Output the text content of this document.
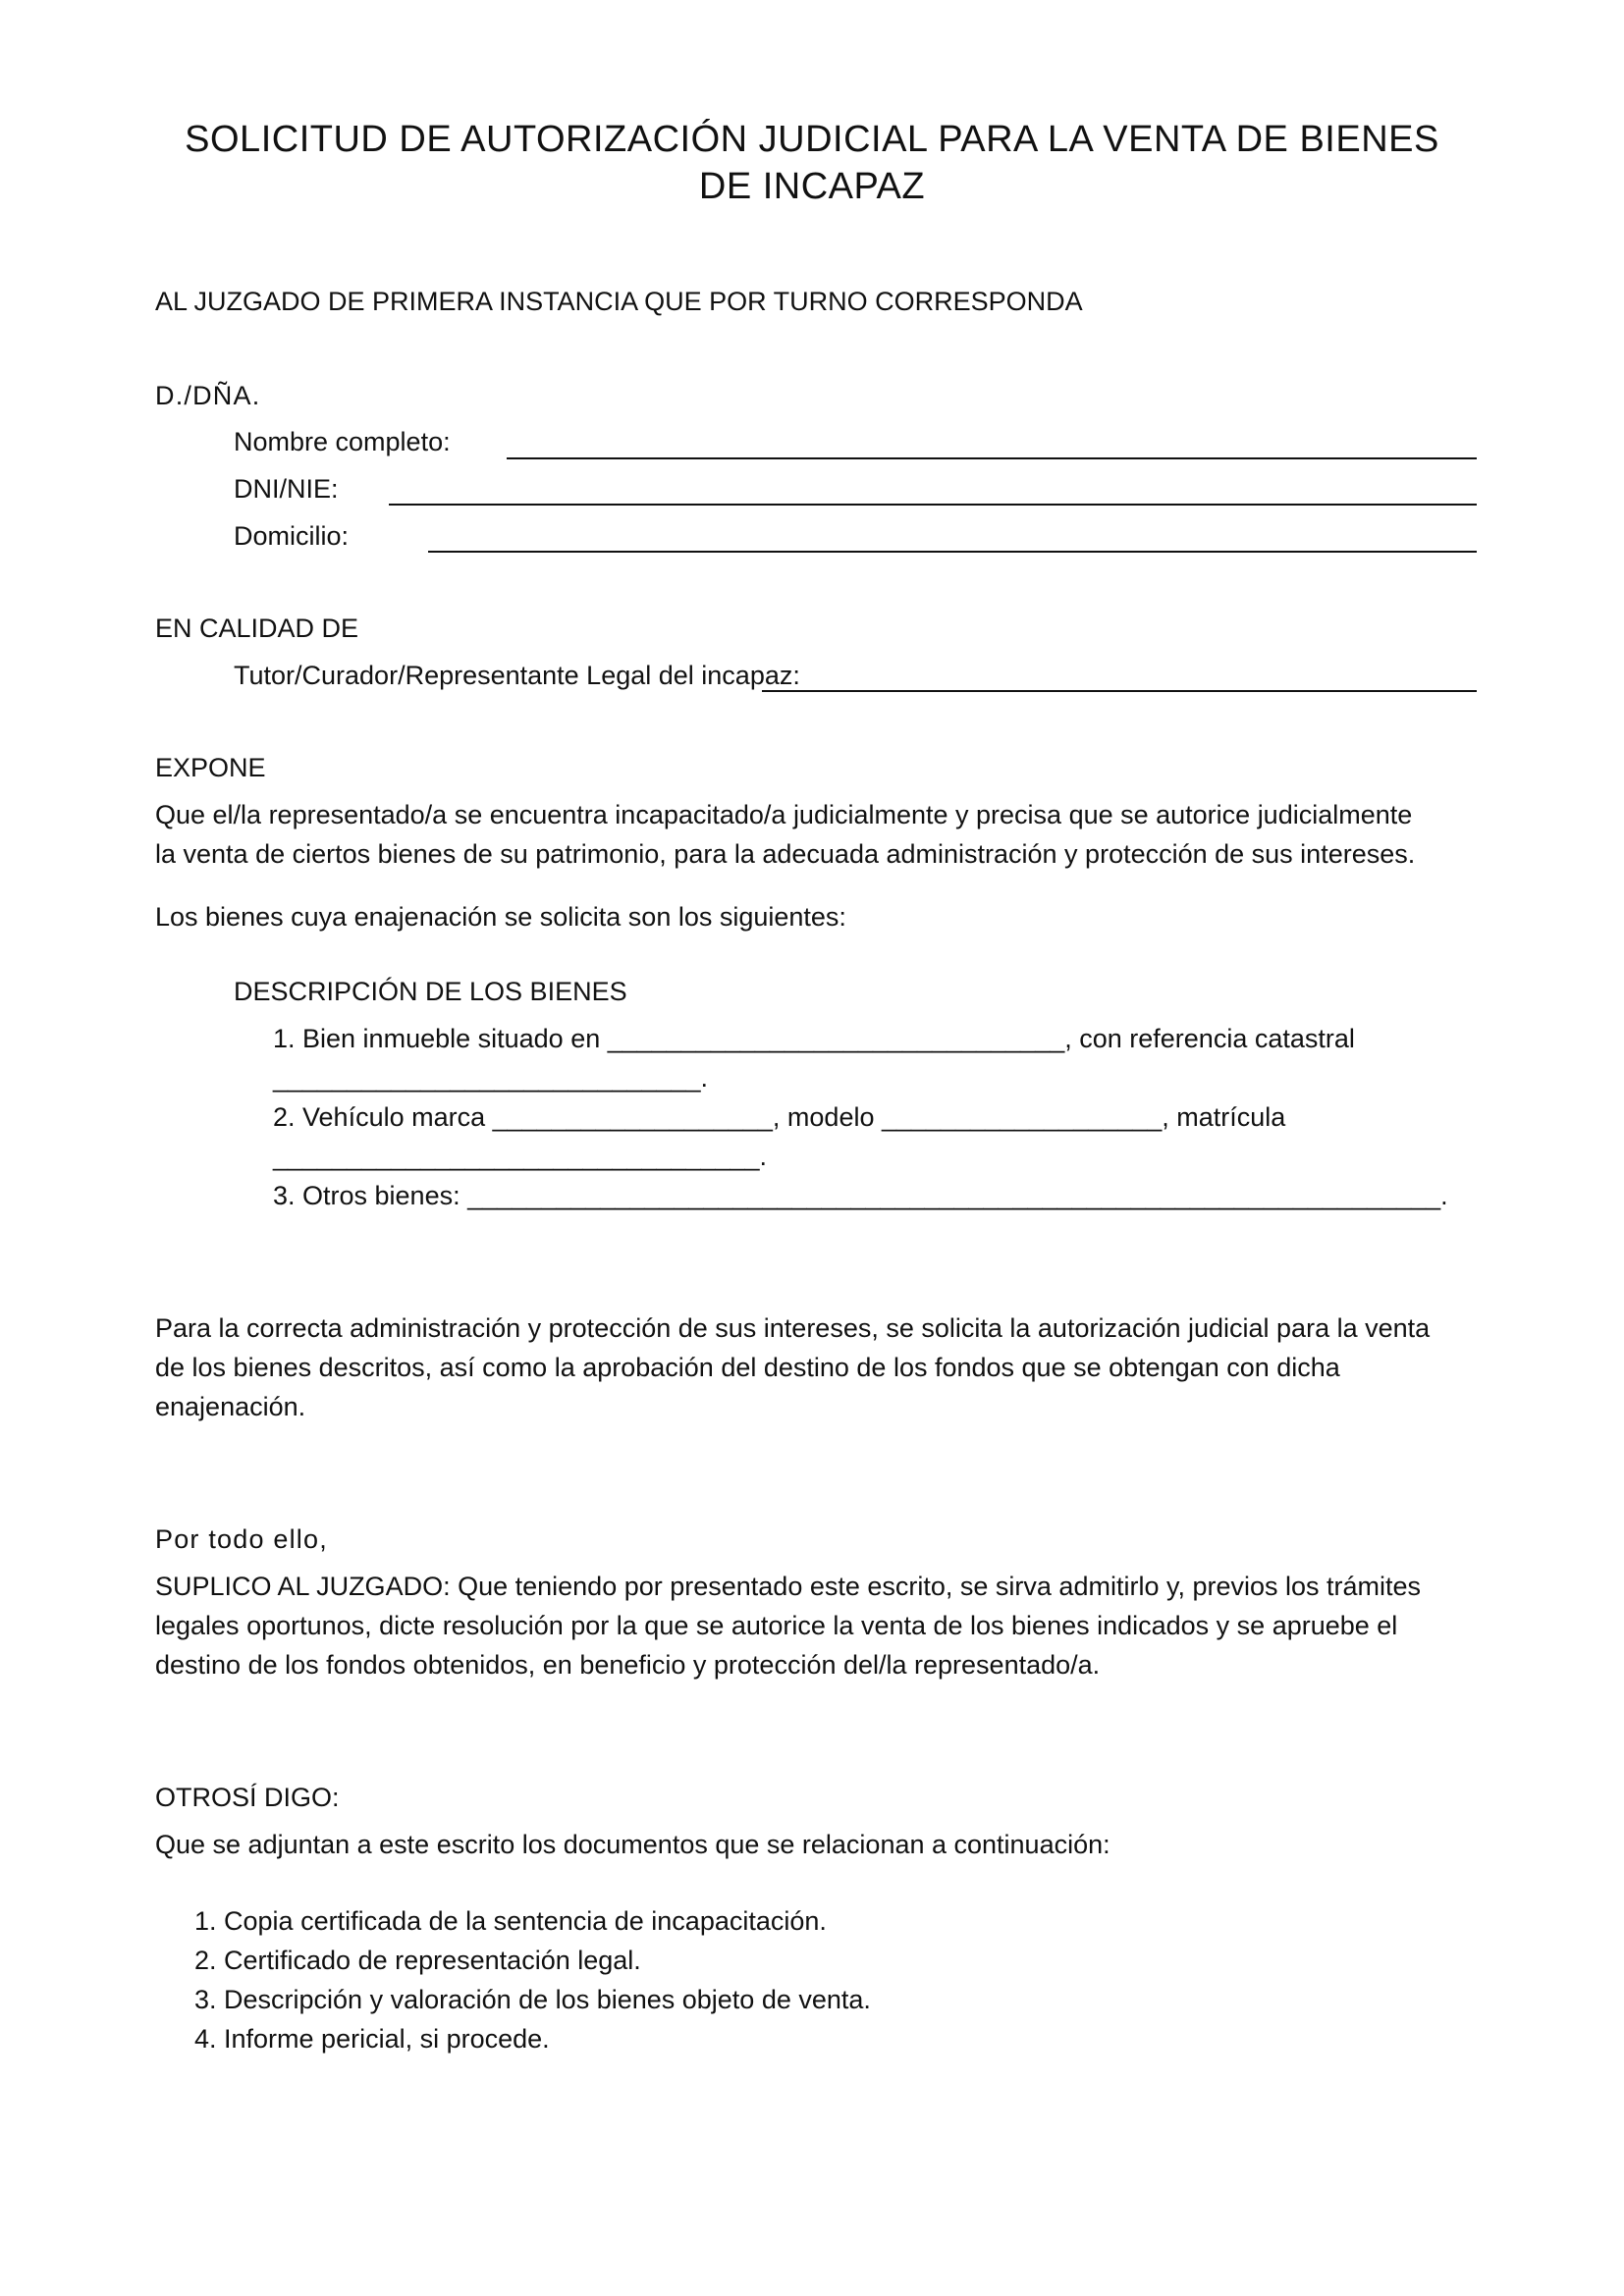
SOLICITUD DE AUTORIZACIÓN JUDICIAL PARA LA VENTA DE BIENES
DE INCAPAZ
AL JUZGADO DE PRIMERA INSTANCIA QUE POR TURNO CORRESPONDA
D./DÑA.
Nombre completo:
DNI/NIE:
Domicilio:
EN CALIDAD DE
Tutor/Curador/Representante Legal del incapaz:
EXPONE
Que el/la representado/a se encuentra incapacitado/a judicialmente y precisa que se autorice judicialmente
la venta de ciertos bienes de su patrimonio, para la adecuada administración y protección de sus intereses.
Los bienes cuya enajenación se solicita son los siguientes:
DESCRIPCIÓN DE LOS BIENES
1. Bien inmueble situado en _______________________________, con referencia catastral
_____________________________.
2. Vehículo marca ___________________, modelo ___________________, matrícula
_________________________________.
3. Otros bienes: __________________________________________________________________.
Para la correcta administración y protección de sus intereses, se solicita la autorización judicial para la venta
de los bienes descritos, así como la aprobación del destino de los fondos que se obtengan con dicha
enajenación.
Por todo ello,
SUPLICO AL JUZGADO: Que teniendo por presentado este escrito, se sirva admitirlo y, previos los trámites
legales oportunos, dicte resolución por la que se autorice la venta de los bienes indicados y se apruebe el
destino de los fondos obtenidos, en beneficio y protección del/la representado/a.
OTROSÍ DIGO:
Que se adjuntan a este escrito los documentos que se relacionan a continuación:
1. Copia certificada de la sentencia de incapacitación.
2. Certificado de representación legal.
3. Descripción y valoración de los bienes objeto de venta.
4. Informe pericial, si procede.
